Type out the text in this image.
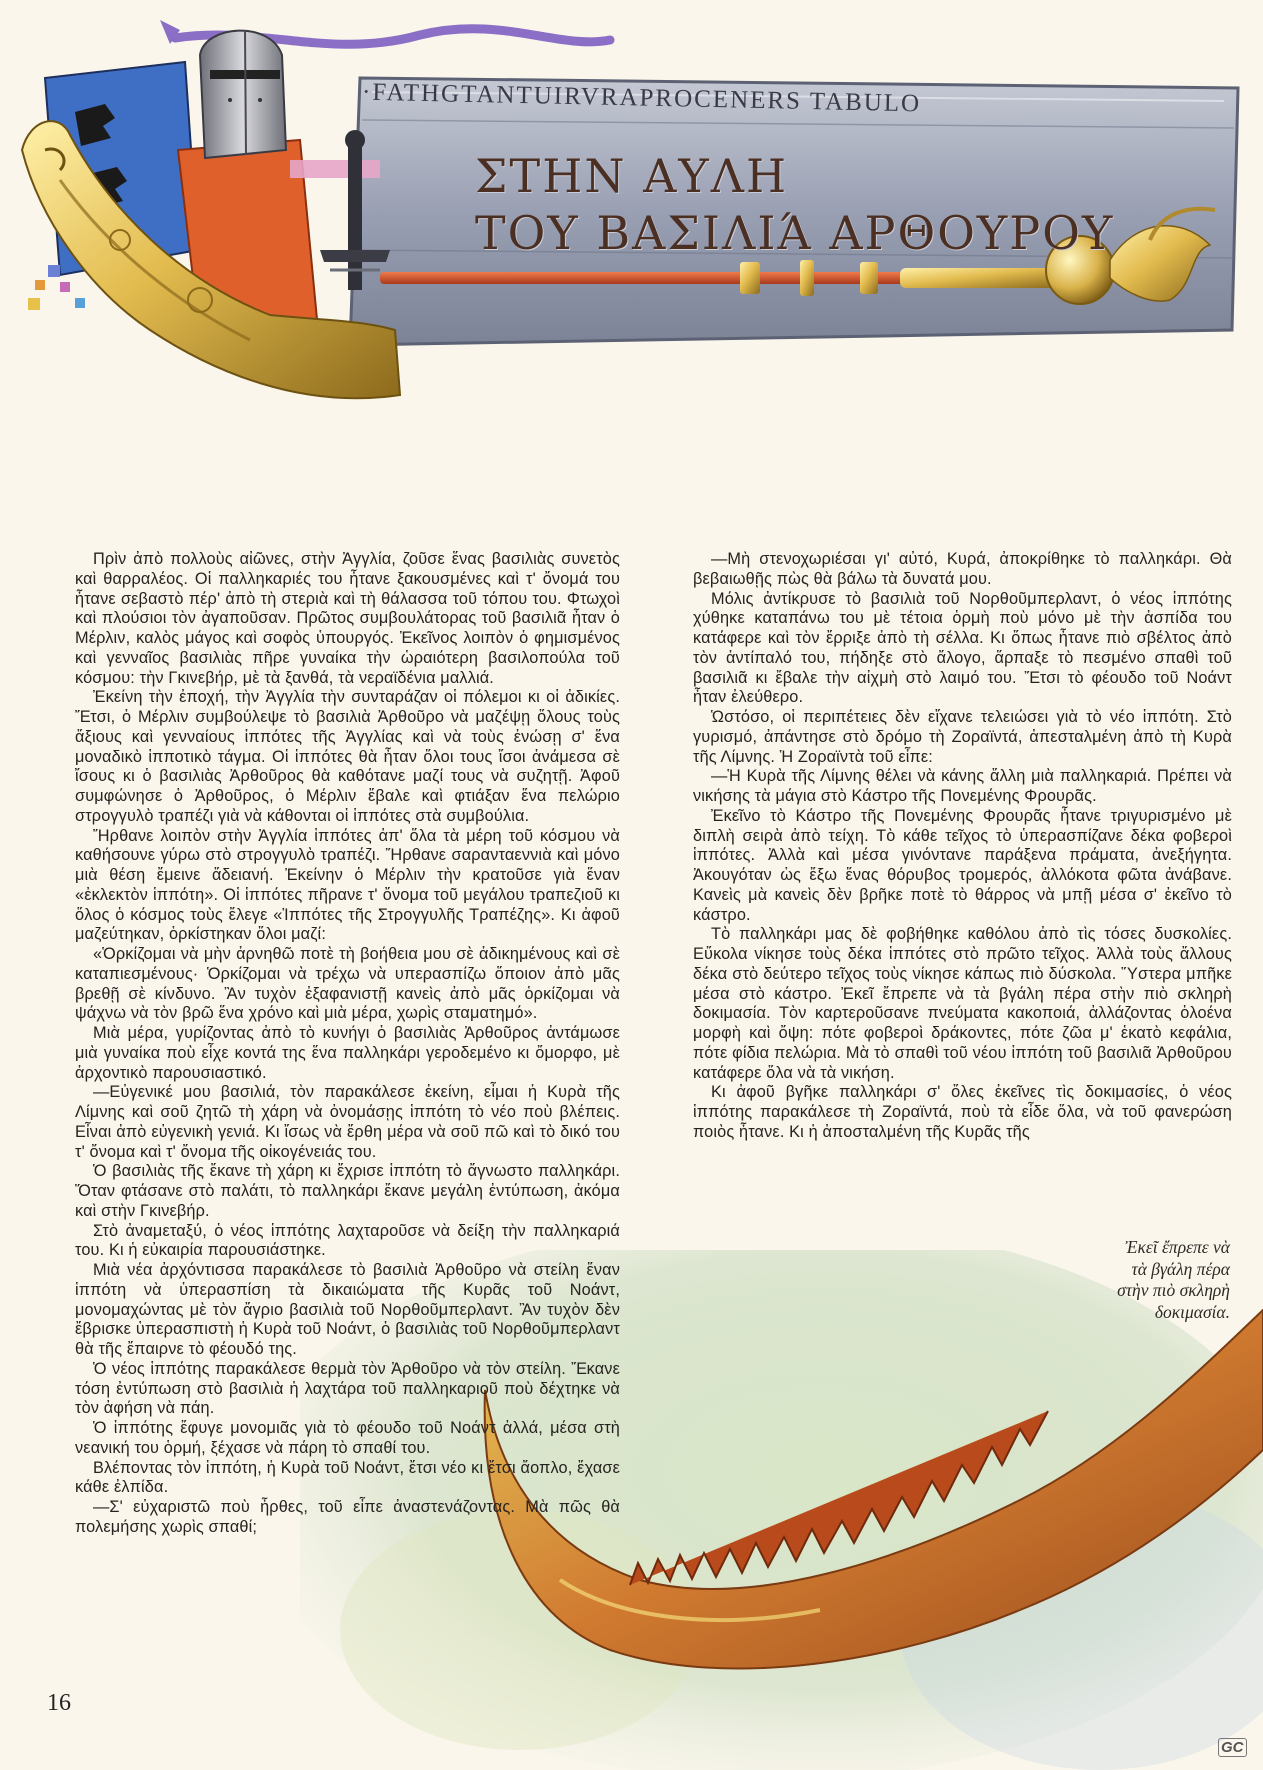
·FATHGTANTUIRVRAPROCENERS TABULO
ΣΤΗΝ ΑΥΛΗ
ΤΟΥ ΒΑΣΙΛΙΆ ΑΡΘΟΥΡΟΥ

Πρὶν ἀπὸ πολλοὺς αἰῶνες, στὴν Ἀγγλία, ζοῦσε ἕνας βασιλιὰς συνετὸς καὶ θαρραλέος. Οἱ παλληκαριές του ἦτανε ξακουσμένες καὶ τ' ὄνομά του ἦτανε σεβαστὸ πέρ' ἀπὸ τὴ στεριὰ καὶ τὴ θάλασσα τοῦ τόπου του. Φτωχοὶ καὶ πλούσιοι τὸν ἀγαποῦσαν. Πρῶτος συμβουλάτορας τοῦ βασιλιᾶ ἦταν ὁ Μέρλιν, καλὸς μάγος καὶ σοφὸς ὑπουργός. Ἐκεῖνος λοιπὸν ὁ φημισμένος καὶ γενναῖος βασιλιὰς πῆρε γυναίκα τὴν ὡραιότερη βασιλοπούλα τοῦ κόσμου: τὴν Γκινεβήρ, μὲ τὰ ξανθά, τὰ νεραϊδένια μαλλιά.

Ἐκείνη τὴν ἐποχή, τὴν Ἀγγλία τὴν συνταράζαν οἱ πόλεμοι κι οἱ ἀδικίες. Ἔτσι, ὁ Μέρλιν συμβούλεψε τὸ βασιλιὰ Ἀρθοῦρο νὰ μαζέψῃ ὅλους τοὺς ἄξιους καὶ γενναίους ἱππότες τῆς Ἀγγλίας καὶ νὰ τοὺς ἑνώσῃ σ' ἕνα μοναδικὸ ἱπποτικὸ τάγμα. Οἱ ἱππότες θὰ ἦταν ὅλοι τους ἴσοι ἀνάμεσα σὲ ἴσους κι ὁ βασιλιὰς Ἀρθοῦρος θὰ καθότανε μαζί τους νὰ συζητῇ. Ἀφοῦ συμφώνησε ὁ Ἀρθοῦρος, ὁ Μέρλιν ἔβαλε καὶ φτιάξαν ἕνα πελώριο στρογγυλὸ τραπέζι γιὰ νὰ κάθονται οἱ ἱππότες στὰ συμβούλια.

Ἤρθανε λοιπὸν στὴν Ἀγγλία ἱππότες ἀπ' ὅλα τὰ μέρη τοῦ κόσμου νὰ καθήσουνε γύρω στὸ στρογγυλὸ τραπέζι. Ἤρθανε σαρανταεννιὰ καὶ μόνο μιὰ θέση ἔμεινε ἄδειανή. Ἐκείνην ὁ Μέρλιν τὴν κρατοῦσε γιὰ ἕναν «ἐκλεκτὸν ἱππότη». Οἱ ἱππότες πῆρανε τ' ὄνομα τοῦ μεγάλου τραπεζιοῦ κι ὅλος ὁ κόσμος τοὺς ἔλεγε «Ἱππότες τῆς Στρογγυλῆς Τραπέζης». Κι ἀφοῦ μαζεύτηκαν, ὁρκίστηκαν ὅλοι μαζί:

«Ὁρκίζομαι νὰ μὴν ἀρνηθῶ ποτὲ τὴ βοήθεια μου σὲ ἀδικημένους καὶ σὲ καταπιεσμένους· Ὁρκίζομαι νὰ τρέχω νὰ υπερασπίζω ὅποιον ἀπὸ μᾶς βρεθῇ σὲ κίνδυνο. Ἂν τυχὸν ἐξαφανιστῇ κανεὶς ἀπὸ μᾶς ὁρκίζομαι νὰ ψάχνω νὰ τὸν βρῶ ἕνα χρόνο καὶ μιὰ μέρα, χωρὶς σταματημό».

Μιὰ μέρα, γυρίζοντας ἀπὸ τὸ κυνήγι ὁ βασιλιὰς Ἀρθοῦρος ἀντάμωσε μιὰ γυναίκα ποὺ εἶχε κοντά της ἕνα παλληκάρι γεροδεμένο κι ὄμορφο, μὲ ἀρχοντικὸ παρουσιαστικό.

—Εὐγενικέ μου βασιλιά, τὸν παρακάλεσε ἐκείνη, εἶμαι ἡ Κυρὰ τῆς Λίμνης καὶ σοῦ ζητῶ τὴ χάρη νὰ ὀνομάσῃς ἱππότη τὸ νέο ποὺ βλέπεις. Εἶναι ἀπὸ εὐγενικὴ γενιά. Κι ἴσως νὰ ἔρθη μέρα νὰ σοῦ πῶ καὶ τὸ δικό του τ' ὄνομα καὶ τ' ὄνομα τῆς οἰκογένειάς του.

Ὁ βασιλιὰς τῆς ἔκανε τὴ χάρη κι ἔχρισε ἱππότη τὸ ἄγνωστο παλληκάρι. Ὅταν φτάσανε στὸ παλάτι, τὸ παλληκάρι ἔκανε μεγάλη ἐντύπωση, ἀκόμα καὶ στὴν Γκινεβήρ.

Στὸ ἀναμεταξύ, ὁ νέος ἱππότης λαχταροῦσε νὰ δείξη τὴν παλληκαριά του. Κι ἡ εὐκαιρία παρουσιάστηκε.

Μιὰ νέα ἀρχόντισσα παρακάλεσε τὸ βασιλιὰ Ἀρθοῦρο νὰ στείλη ἕναν ἱππότη νὰ ὑπερασπίση τὰ δικαιώματα τῆς Κυρᾶς τοῦ Νοάντ, μονομαχώντας μὲ τὸν ἄγριο βασιλιὰ τοῦ Νορθοῦμπερλαντ. Ἂν τυχὸν δὲν ἔβρισκε ὑπερασπιστὴ ἡ Κυρὰ τοῦ Νοάντ, ὁ βασιλιὰς τοῦ Νορθοῦμπερλαντ θὰ τῆς ἔπαιρνε τὸ φέουδό της.

Ὁ νέος ἱππότης παρακάλεσε θερμὰ τὸν Ἀρθοῦρο νὰ τὸν στείλη. Ἔκανε τόση ἐντύπωση στὸ βασιλιὰ ἡ λαχτάρα τοῦ παλληκαριοῦ ποὺ δέχτηκε νὰ τὸν ἀφήση νὰ πάη.

Ὁ ἱππότης ἔφυγε μονομιᾶς γιὰ τὸ φέουδο τοῦ Νοάντ ἀλλά, μέσα στὴ νεανική του ὁρμή, ξέχασε νὰ πάρη τὸ σπαθί του.

Βλέποντας τὸν ἱππότη, ἡ Κυρὰ τοῦ Νοάντ, ἔτσι νέο κι ἔτσι ἄοπλο, ἔχασε κάθε ἐλπίδα.

—Σ' εὐχαριστῶ ποὺ ἦρθες, τοῦ εἶπε ἀναστενάζοντας. Μὰ πῶς θὰ πολεμήσης χωρὶς σπαθί;

—Μὴ στενοχωριέσαι γι' αὐτό, Κυρά, ἀποκρίθηκε τὸ παλληκάρι. Θὰ βεβαιωθῇς πὼς θὰ βάλω τὰ δυνατά μου.

Μόλις ἀντίκρυσε τὸ βασιλιὰ τοῦ Νορθοῦμπερλαντ, ὁ νέος ἱππότης χύθηκε καταπάνω του μὲ τέτοια ὁρμὴ ποὺ μόνο μὲ τὴν ἀσπίδα του κατάφερε καὶ τὸν ἔρριξε ἀπὸ τὴ σέλλα. Κι ὅπως ἦτανε πιὸ σβέλτος ἀπὸ τὸν ἀντίπαλό του, πήδηξε στὸ ἄλογο, ἅρπαξε τὸ πεσμένο σπαθὶ τοῦ βασιλιᾶ κι ἔβαλε τὴν αἰχμὴ στὸ λαιμό του. Ἔτσι τὸ φέουδο τοῦ Νοάντ ἦταν ἐλεύθερο.

Ὡστόσο, οἱ περιπέτειες δὲν εἴχανε τελειώσει γιὰ τὸ νέο ἱππότη. Στὸ γυρισμό, ἀπάντησε στὸ δρόμο τὴ Ζοραϊντά, ἀπεσταλμένη ἀπὸ τὴ Κυρὰ τῆς Λίμνης. Ἡ Ζοραϊντὰ τοῦ εἶπε:

—Ἡ Κυρὰ τῆς Λίμνης θέλει νὰ κάνης ἄλλη μιὰ παλληκαριά. Πρέπει νὰ νικήσης τὰ μάγια στὸ Κάστρο τῆς Πονεμένης Φρουρᾶς.

Ἐκεῖνο τὸ Κάστρο τῆς Πονεμένης Φρουρᾶς ἦτανε τριγυρισμένο μὲ διπλὴ σειρὰ ἀπὸ τείχη. Τὸ κάθε τεῖχος τὸ ὑπερασπίζανε δέκα φοβεροὶ ἱππότες. Ἀλλὰ καὶ μέσα γινόντανε παράξενα πράματα, ἀνεξήγητα. Ἀκουγόταν ὡς ἔξω ἕνας θόρυβος τρομερός, ἀλλόκοτα φῶτα ἀνάβανε. Κανεὶς μὰ κανεὶς δὲν βρῆκε ποτὲ τὸ θάρρος νὰ μπῇ μέσα σ' ἐκεῖνο τὸ κάστρο.

Τὸ παλληκάρι μας δὲ φοβήθηκε καθόλου ἀπὸ τὶς τόσες δυσκολίες. Εὔκολα νίκησε τοὺς δέκα ἱππότες στὸ πρῶτο τεῖχος. Ἀλλὰ τοὺς ἄλλους δέκα στὸ δεύτερο τεῖχος τοὺς νίκησε κάπως πιὸ δύσκολα. Ὕστερα μπῆκε μέσα στὸ κάστρο. Ἐκεῖ ἔπρεπε νὰ τὰ βγάλη πέρα στὴν πιὸ σκληρὴ δοκιμασία. Τὸν καρτεροῦσανε πνεύματα κακοποιά, ἀλλάζοντας ὁλοένα μορφὴ καὶ ὄψη: πότε φοβεροὶ δράκοντες, πότε ζῶα μ' ἑκατὸ κεφάλια, πότε φίδια πελώρια. Μὰ τὸ σπαθὶ τοῦ νέου ἱππότη τοῦ βασιλιᾶ Ἀρθοῦρου κατάφερε ὅλα νὰ τὰ νικήση.

Κι ἀφοῦ βγῆκε παλληκάρι σ' ὅλες ἐκεῖνες τὶς δοκιμασίες, ὁ νέος ἱππότης παρακάλεσε τὴ Ζοραϊντά, ποὺ τὰ εἶδε ὅλα, νὰ τοῦ φανερώση ποιὸς ἦτανε. Κι ἡ ἀποσταλμένη τῆς Κυρᾶς τῆς

Ἐκεῖ ἔπρεπε νὰ
τὰ βγάλη πέρα
στὴν πιὸ σκληρὴ
δοκιμασία.
16
GC
